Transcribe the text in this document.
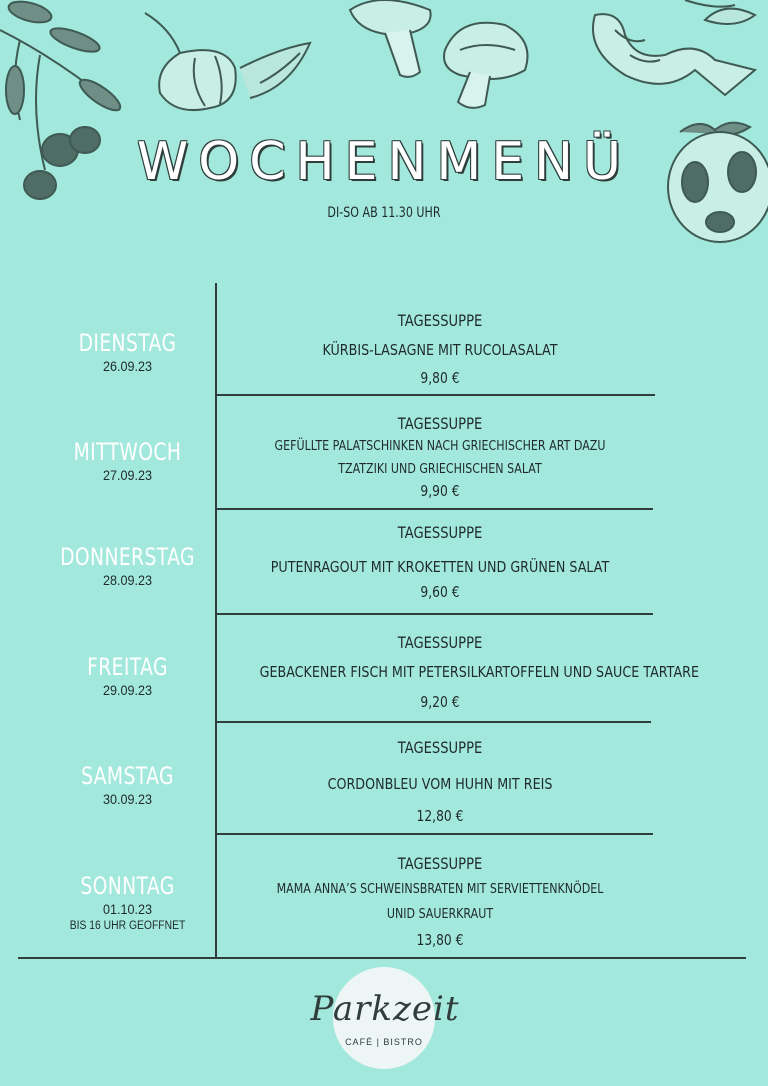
WOCHENMENÜ
DI-SO AB 11.30 UHR
DIENSTAG
26.09.23
TAGESSUPPE
KÜRBIS-LASAGNE MIT RUCOLASALAT
9,80 €
MITTWOCH
27.09.23
TAGESSUPPE
GEFÜLLTE PALATSCHINKEN NACH GRIECHISCHER ART DAZU
TZATZIKI UND GRIECHISCHEN SALAT
9,90 €
DONNERSTAG
28.09.23
TAGESSUPPE
PUTENRAGOUT MIT KROKETTEN UND GRÜNEN SALAT
9,60 €
FREITAG
29.09.23
TAGESSUPPE
GEBACKENER FISCH MIT PETERSILKARTOFFELN UND SAUCE TARTARE
9,20 €
SAMSTAG
30.09.23
TAGESSUPPE
CORDONBLEU VOM HUHN MIT REIS
12,80 €
SONNTAG
01.10.23
BIS 16 UHR GEÖFFNET
TAGESSUPPE
MAMA ANNA’S SCHWEINSBRATEN MIT SERVIETTENKNÖDEL
UNID SAUERKRAUT
13,80 €
Parkzeit
CAFÉ | BISTRO
